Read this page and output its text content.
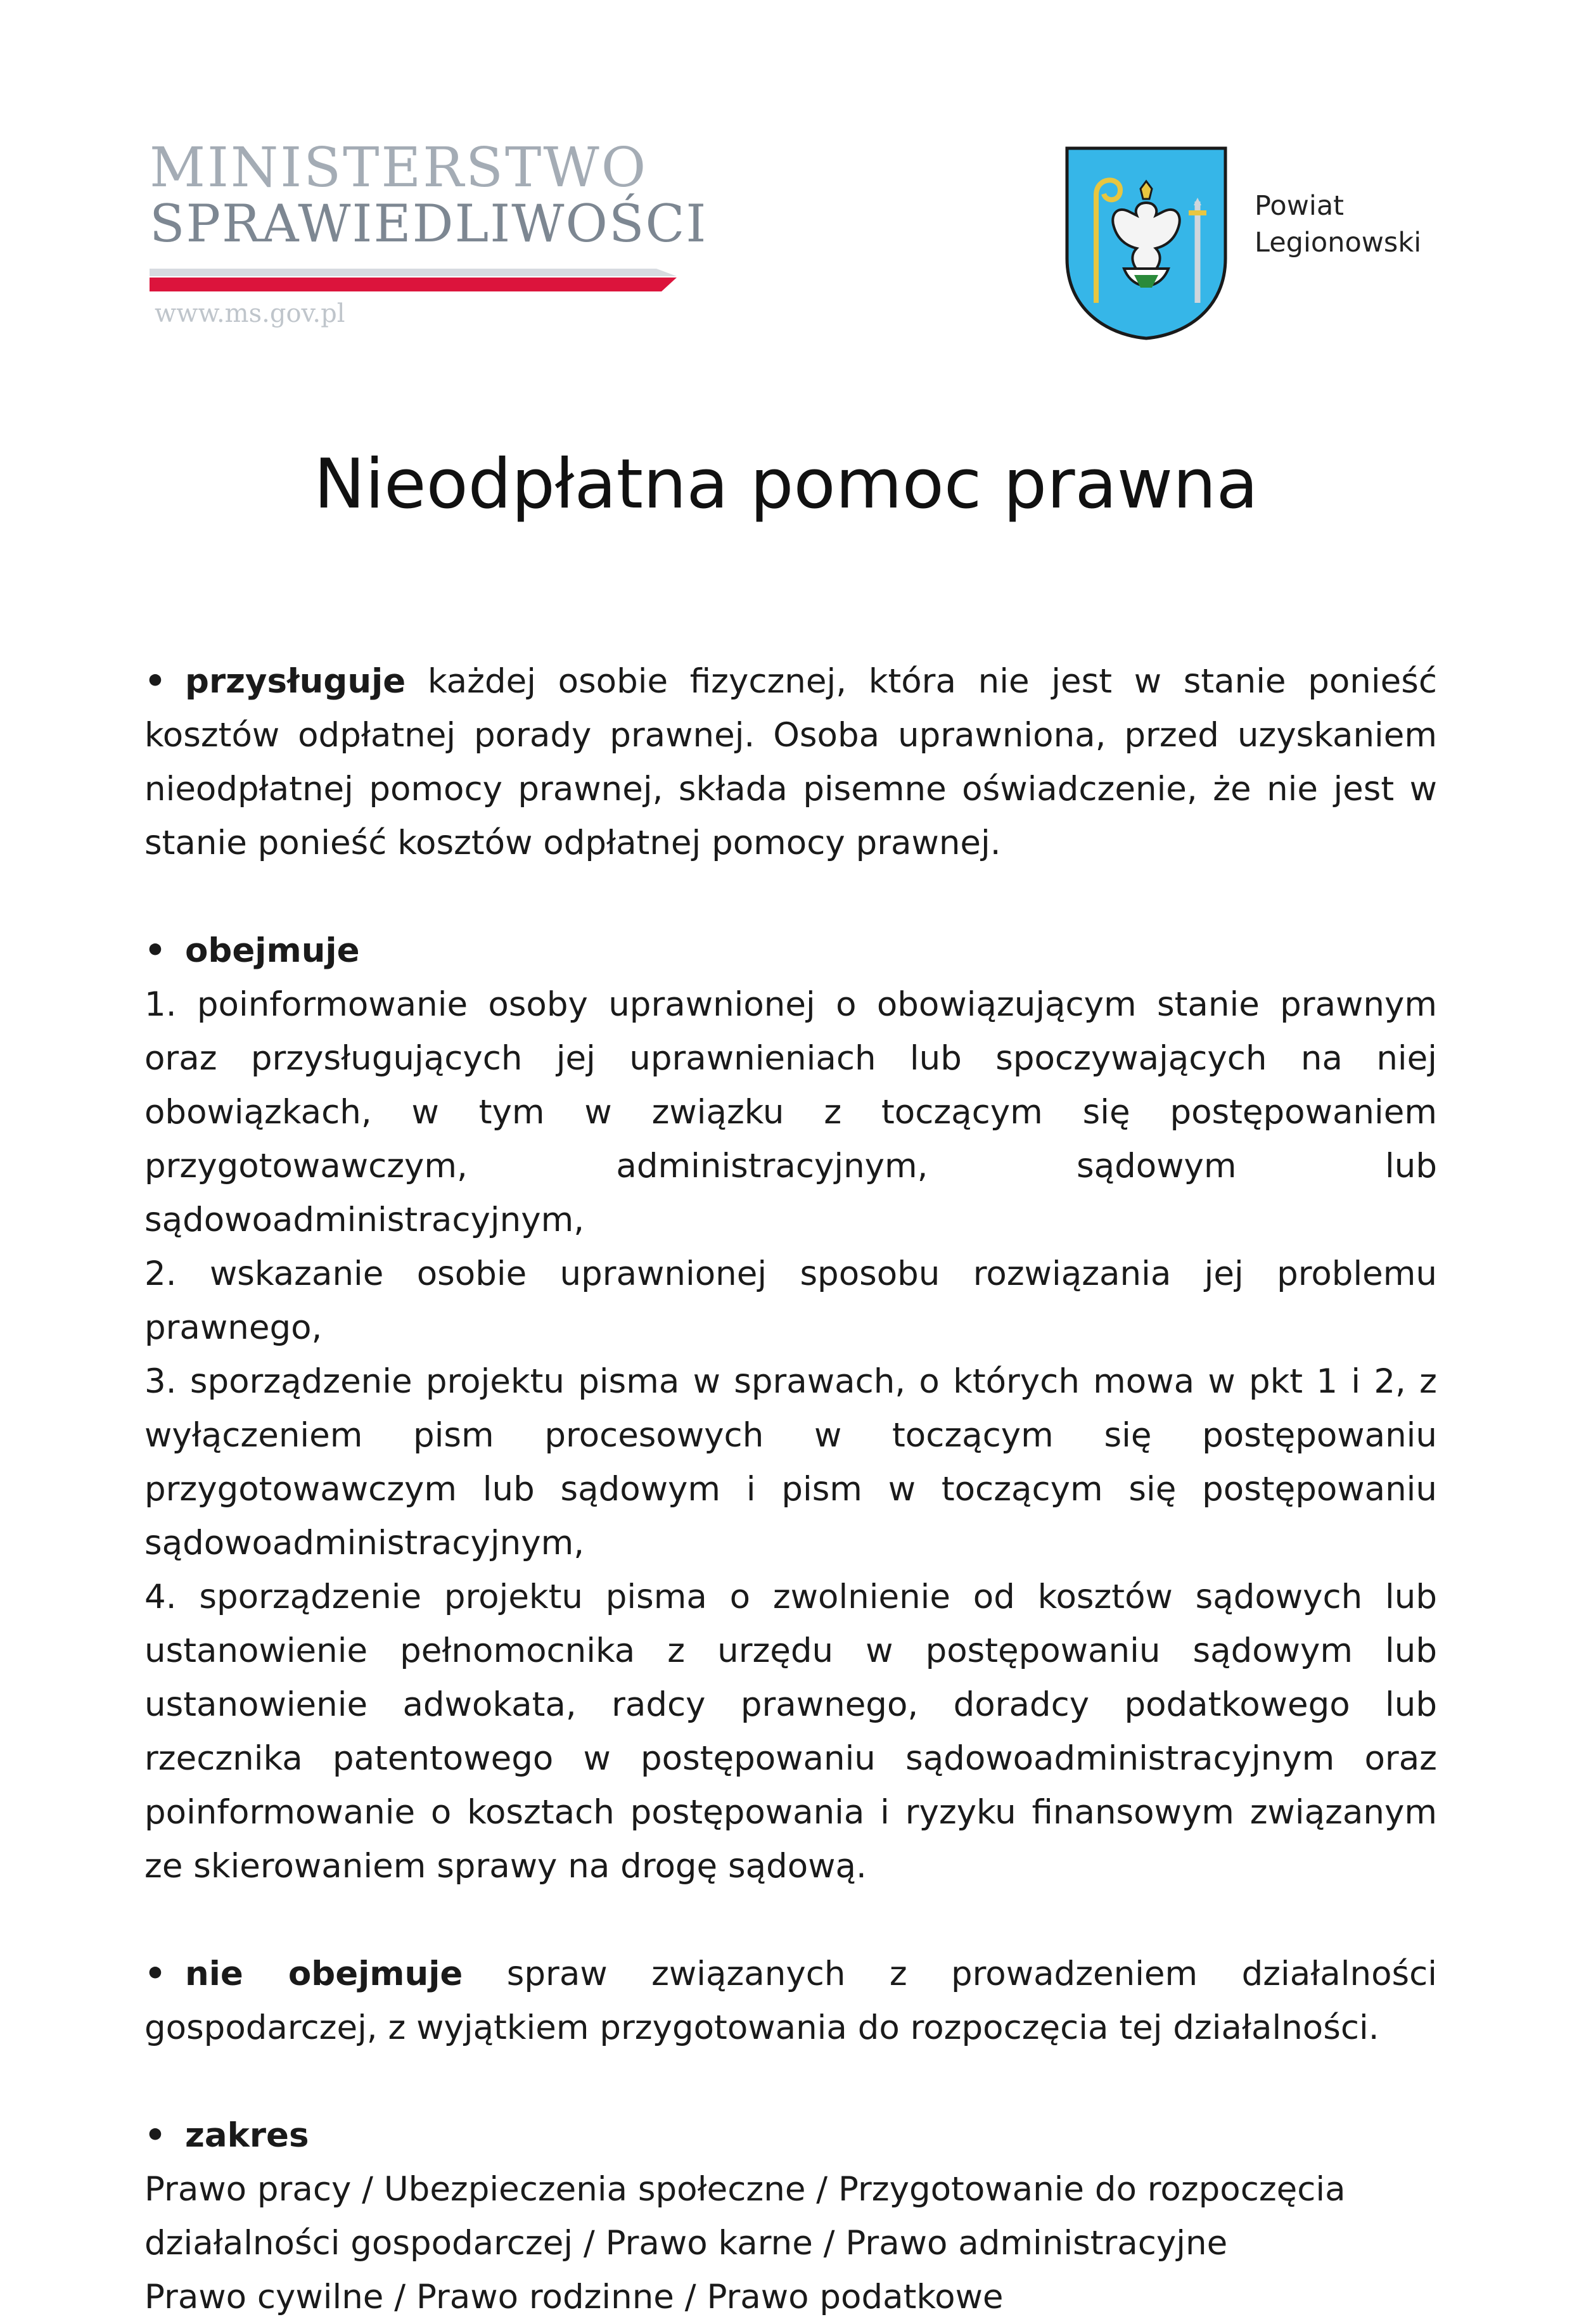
MINISTERSTWO
SPRAWIEDLIWOŚCI
www.ms.gov.pl
Powiat
Legionowski
Nieodpłatna pomoc prawna

• przysługuje każdej osobie fizycznej, która nie jest w stanie ponieść kosztów odpłatnej porady prawnej. Osoba uprawniona, przed uzyskaniem nieodpłatnej pomocy prawnej, składa pisemne oświadczenie, że nie jest w stanie ponieść kosztów odpłatnej pomocy prawnej.

• obejmuje

1. poinformowanie osoby uprawnionej o obowiązującym stanie prawnym oraz przysługujących jej uprawnieniach lub spoczywających na niej obowiązkach, w tym w związku z toczącym się postępowaniem przygotowawczym, administracyjnym, sądowym lub sądowoadministracyjnym,

2. wskazanie osobie uprawnionej sposobu rozwiązania jej problemu prawnego,

3. sporządzenie projektu pisma w sprawach, o których mowa w pkt 1 i 2, z wyłączeniem pism procesowych w toczącym się postępowaniu przygotowawczym lub sądowym i pism w toczącym się postępowaniu sądowoadministracyjnym,

4. sporządzenie projektu pisma o zwolnienie od kosztów sądowych lub ustanowienie pełnomocnika z urzędu w postępowaniu sądowym lub ustanowienie adwokata, radcy prawnego, doradcy podatkowego lub rzecznika patentowego w postępowaniu sądowoadministracyjnym oraz poinformowanie o kosztach postępowania i ryzyku finansowym związanym ze skierowaniem sprawy na drogę sądową.

• nie obejmuje spraw związanych z prowadzeniem działalności gospodarczej, z wyjątkiem przygotowania do rozpoczęcia tej działalności.

• zakres

Prawo pracy / Ubezpieczenia społeczne / Przygotowanie do rozpoczęcia

działalności gospodarczej / Prawo karne / Prawo administracyjne

Prawo cywilne / Prawo rodzinne / Prawo podatkowe
